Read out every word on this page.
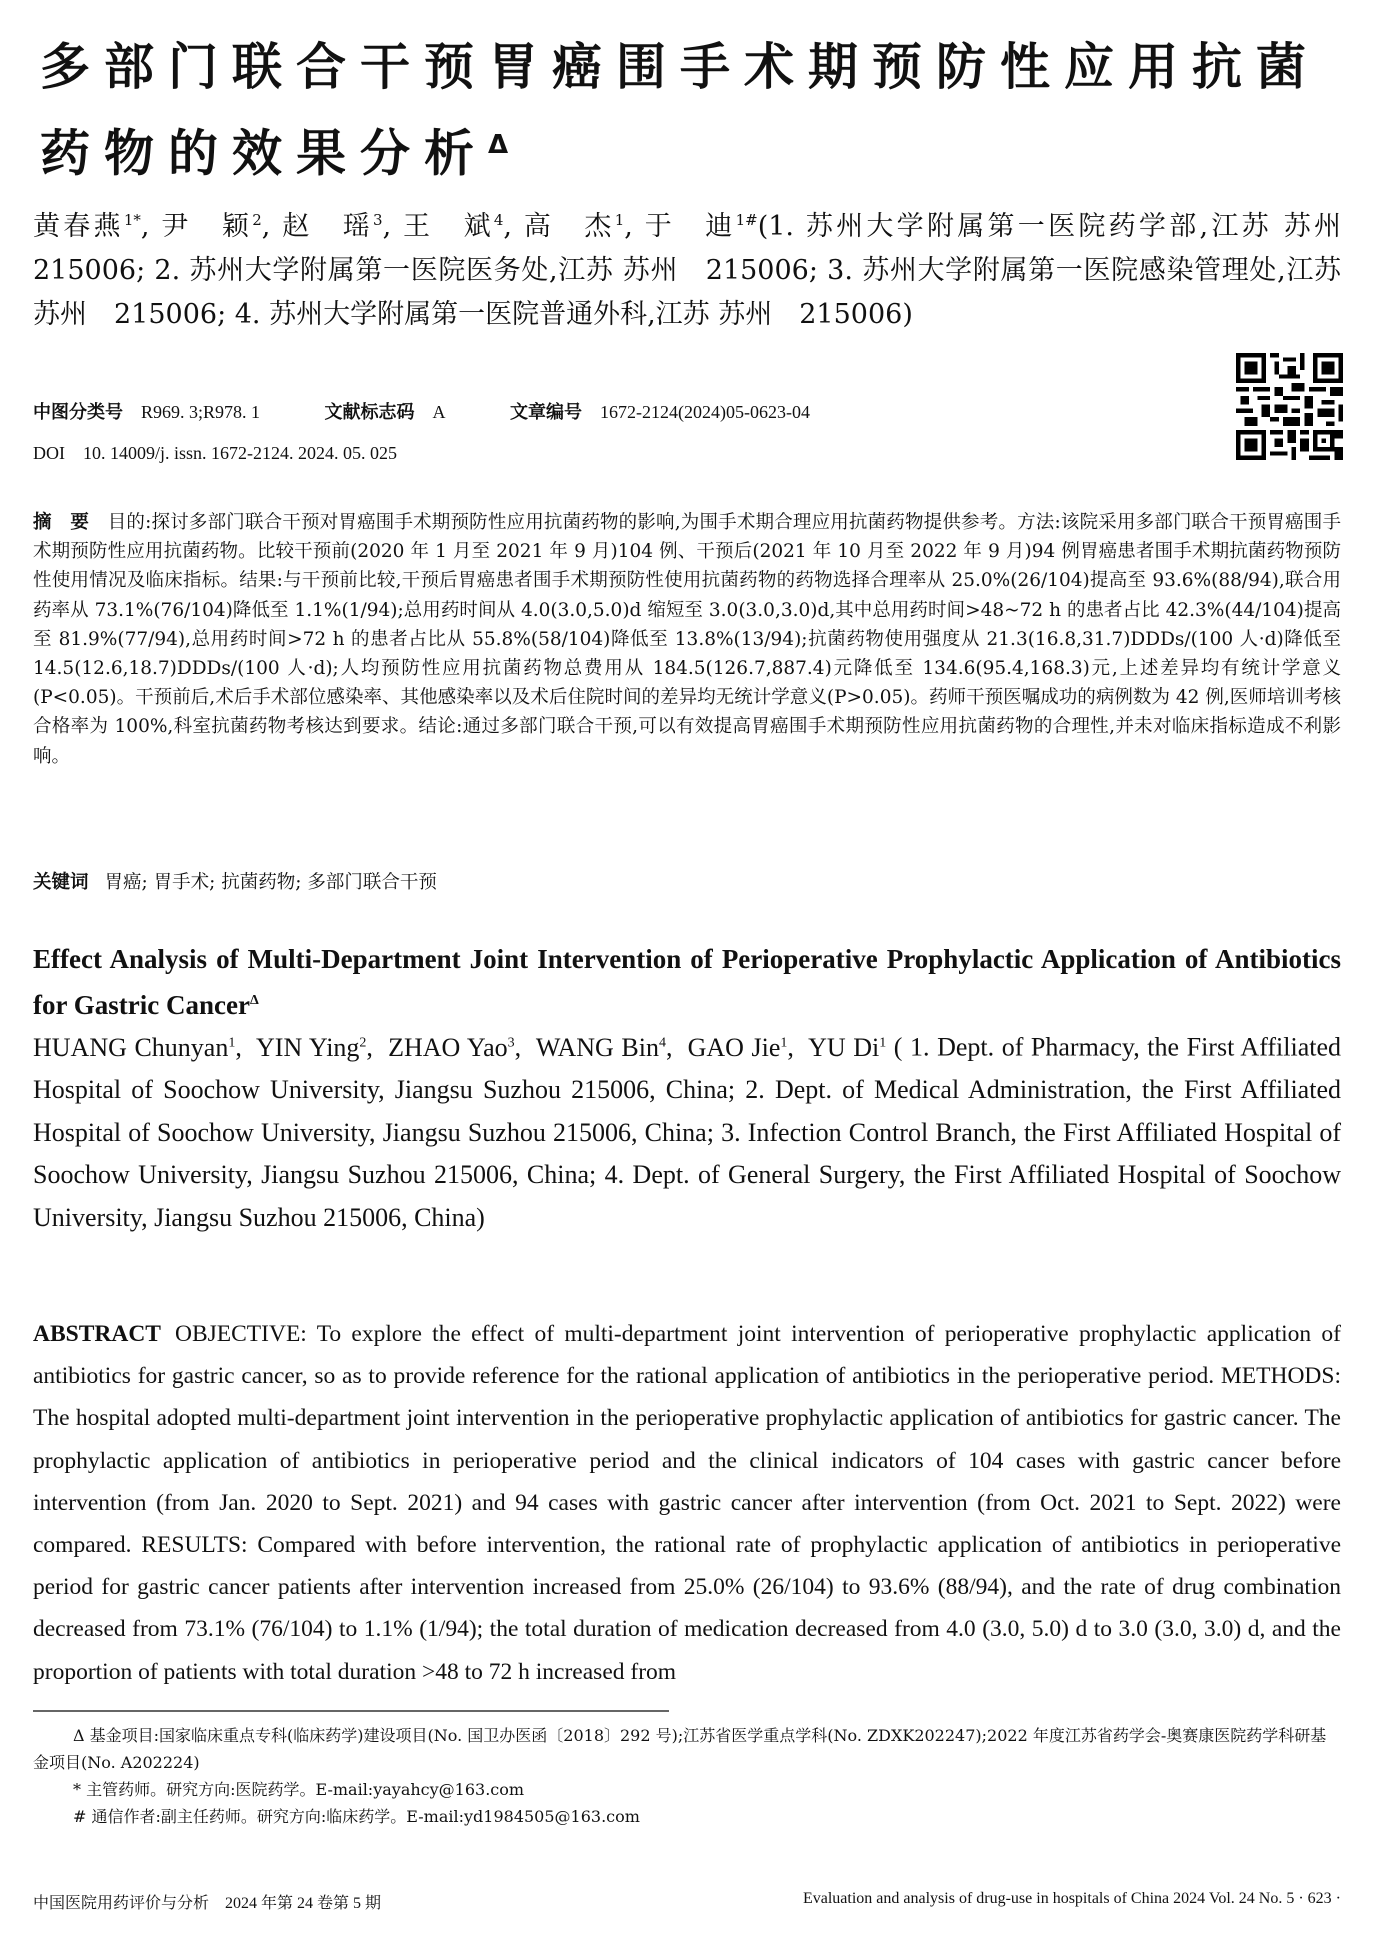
多部门联合干预胃癌围手术期预防性应用抗菌药物的效果分析$^\Delta$
黄春燕$^{1*}$, 尹　颖$^2$, 赵　瑶$^3$, 王　斌$^4$, 高　杰$^1$, 于　迪$^{1\#}$(1. 苏州大学附属第一医院药学部,江苏 苏州　215006; 2. 苏州大学附属第一医院医务处,江苏 苏州　215006; 3. 苏州大学附属第一医院感染管理处,江苏 苏州　215006; 4. 苏州大学附属第一医院普通外科,江苏 苏州　215006)
中图分类号 R969. 3;R978. 1	文献标志码 A	文章编号 1672-2124(2024)05-0623-04
DOI 10. 14009/j. issn. 1672-2124. 2024. 05. 025
摘　要　 目的:探讨多部门联合干预对胃癌围手术期预防性应用抗菌药物的影响,为围手术期合理应用抗菌药物提供参考。方法:该院采用多部门联合干预胃癌围手术期预防性应用抗菌药物。比较干预前(2020 年 1 月至 2021 年 9 月)104 例、干预后(2021 年 10 月至 2022 年 9 月)94 例胃癌患者围手术期抗菌药物预防性使用情况及临床指标。结果:与干预前比较,干预后胃癌患者围手术期预防性使用抗菌药物的药物选择合理率从 25.0%(26/104)提高至 93.6%(88/94),联合用药率从 73.1%(76/104)降低至 1.1%(1/94);总用药时间从 4.0(3.0,5.0)d 缩短至 3.0(3.0,3.0)d,其中总用药时间>48~72 h 的患者占比 42.3%(44/104)提高至 81.9%(77/94),总用药时间>72 h 的患者占比从 55.8%(58/104)降低至 13.8%(13/94);抗菌药物使用强度从 21.3(16.8,31.7)DDDs/(100 人·d)降低至 14.5(12.6,18.7)DDDs/(100 人·d);人均预防性应用抗菌药物总费用从 184.5(126.7,887.4)元降低至 134.6(95.4,168.3)元,上述差异均有统计学意义(P<0.05)。干预前后,术后手术部位感染率、其他感染率以及术后住院时间的差异均无统计学意义(P>0.05)。药师干预医嘱成功的病例数为 42 例,医师培训考核合格率为 100%,科室抗菌药物考核达到要求。结论:通过多部门联合干预,可以有效提高胃癌围手术期预防性应用抗菌药物的合理性,并未对临床指标造成不利影响。
关键词 胃癌; 胃手术; 抗菌药物; 多部门联合干预
Effect Analysis of Multi-Department Joint Intervention of Perioperative Prophylactic Application of Antibiotics for Gastric Cancer$^\Delta$
HUANG Chunyan$^1$,  YIN Ying$^2$,  ZHAO Yao$^3$,  WANG Bin$^4$,  GAO Jie$^1$,  YU Di$^1$ ( 1. Dept. of Pharmacy, the First Affiliated Hospital of Soochow University, Jiangsu Suzhou 215006, China; 2. Dept. of Medical Administration, the First Affiliated Hospital of Soochow University, Jiangsu Suzhou 215006, China; 3. Infection Control Branch, the First Affiliated Hospital of Soochow University, Jiangsu Suzhou 215006, China; 4. Dept. of General Surgery, the First Affiliated Hospital of Soochow University, Jiangsu Suzhou 215006, China)
ABSTRACT OBJECTIVE: To explore the effect of multi-department joint intervention of perioperative prophylactic application of antibiotics for gastric cancer, so as to provide reference for the rational application of antibiotics in the perioperative period. METHODS: The hospital adopted multi-department joint intervention in the perioperative prophylactic application of antibiotics for gastric cancer. The prophylactic application of antibiotics in perioperative period and the clinical indicators of 104 cases with gastric cancer before intervention (from Jan. 2020 to Sept. 2021) and 94 cases with gastric cancer after intervention (from Oct. 2021 to Sept. 2022) were compared. RESULTS: Compared with before intervention, the rational rate of prophylactic application of antibiotics in perioperative period for gastric cancer patients after intervention increased from 25.0% (26/104) to 93.6% (88/94), and the rate of drug combination decreased from 73.1% (76/104) to 1.1% (1/94); the total duration of medication decreased from 4.0 (3.0, 5.0) d to 3.0 (3.0, 3.0) d, and the proportion of patients with total duration >48 to 72 h increased from
Δ 基金项目:国家临床重点专科(临床药学)建设项目(No. 国卫办医函〔2018〕292 号);江苏省医学重点学科(No. ZDXK202247);2022 年度江苏省药学会-奥赛康医院药学科研基金项目(No. A202224)
* 主管药师。研究方向:医院药学。E-mail:yayahcy@163.com
# 通信作者:副主任药师。研究方向:临床药学。E-mail:yd1984505@163.com
中国医院用药评价与分析　2024 年第 24 卷第 5 期	Evaluation and analysis of drug-use in hospitals of China 2024 Vol. 24 No. 5 · 623 ·
